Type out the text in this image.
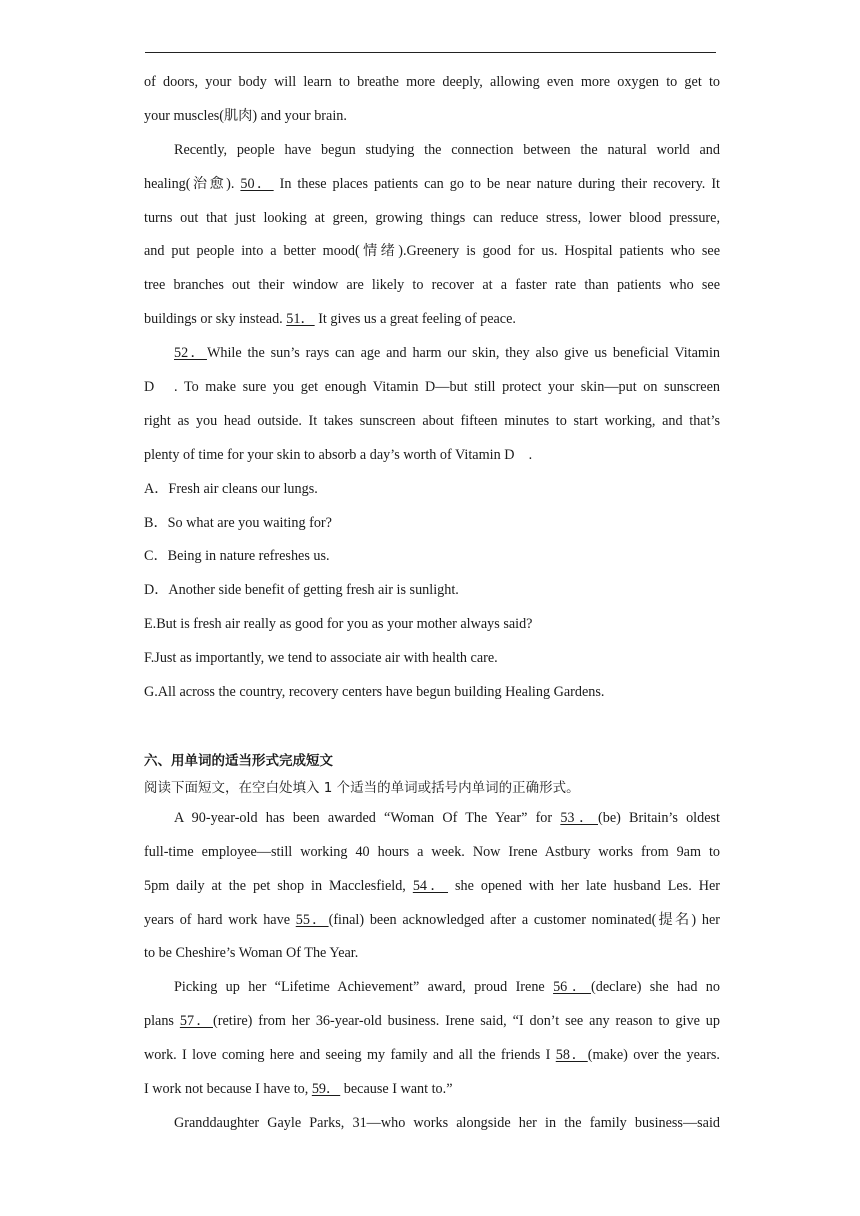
of doors, your body will learn to breathe more deeply, allowing even more oxygen to get to
your muscles(肌肉) and your brain.
Recently, people have begun studying the connection between the natural world and
healing(治愈). 50． In these places patients can go to be near nature during their recovery. It
turns out that just looking at green, growing things can reduce stress, lower blood pressure,
and put people into a better mood(情绪).Greenery is good for us. Hospital patients who see
tree branches out their window are likely to recover at a faster rate than patients who see
buildings or sky instead. 51． It gives us a great feeling of peace.
52．While the sun’s rays can age and harm our skin, they also give us beneficial Vitamin
D   . To make sure you get enough Vitamin D—but still protect your skin—put on sunscreen
right as you head outside. It takes sunscreen about fifteen minutes to start working, and that’s
plenty of time for your skin to absorb a day’s worth of Vitamin D    .
A．Fresh air cleans our lungs.
B．So what are you waiting for?
C．Being in nature refreshes us.
D．Another side benefit of getting fresh air is sunlight.
E.But is fresh air really as good for you as your mother always said?
F.Just as importantly, we tend to associate air with health care.
G.All across the country, recovery centers have begun building Healing Gardens.
六、用单词的适当形式完成短文
阅读下面短文，在空白处填入 1 个适当的单词或括号内单词的正确形式。
A 90-year-old has been awarded “Woman Of The Year” for 53．(be) Britain’s oldest
full-time employee—still working 40 hours a week. Now Irene Astbury works from 9am to
5pm daily at the pet shop in Macclesfield, 54． she opened with her late husband Les. Her
years of hard work have 55．(final) been acknowledged after a customer nominated(提名) her
to be Cheshire’s Woman Of The Year.
Picking up her “Lifetime Achievement” award, proud Irene 56．(declare) she had no
plans 57．(retire) from her 36-year-old business. Irene said, “I don’t see any reason to give up
work. I love coming here and seeing my family and all the friends I 58．(make) over the years.
I work not because I have to, 59． because I want to.”
Granddaughter Gayle Parks, 31—who works alongside her in the family business—said
